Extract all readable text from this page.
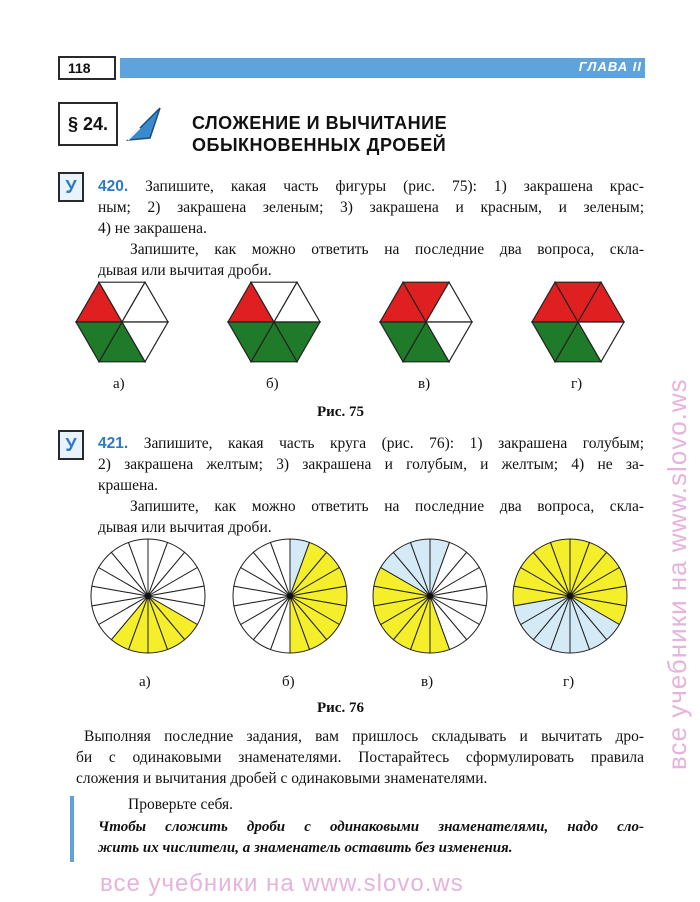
118	ГЛАВА II
§ 24.	СЛОЖЕНИЕ И ВЫЧИТАНИЕ
ОБЫКНОВЕННЫХ ДРОБЕЙ
У	420. Запишите, какая часть фигуры (рис. 75): 1) закрашена крас-
ным; 2) закрашена зеленым; 3) закрашена и красным, и зеленым;
4) не закрашена.
Запишите, как можно ответить на последние два вопроса, скла-
дывая или вычитая дроби.
а)	б)	в)	г)
Рис. 75
У	421. Запишите, какая часть круга (рис. 76): 1) закрашена голубым;
2) закрашена желтым; 3) закрашена и голубым, и желтым; 4) не за-
крашена.
Запишите, как можно ответить на последние два вопроса, скла-
дывая или вычитая дроби.
а)	б)	в)	г)
Рис. 76
Выполняя последние задания, вам пришлось складывать и вычитать дро-
би с одинаковыми знаменателями. Постарайтесь сформулировать правила
сложения и вычитания дробей с одинаковыми знаменателями.
Проверьте себя.
Чтобы сложить дроби с одинаковыми знаменателями, надо сло-
жить их числители, а знаменатель оставить без изменения.
все учебники на www.slovo.ws
все учебники на www.slovo.ws
